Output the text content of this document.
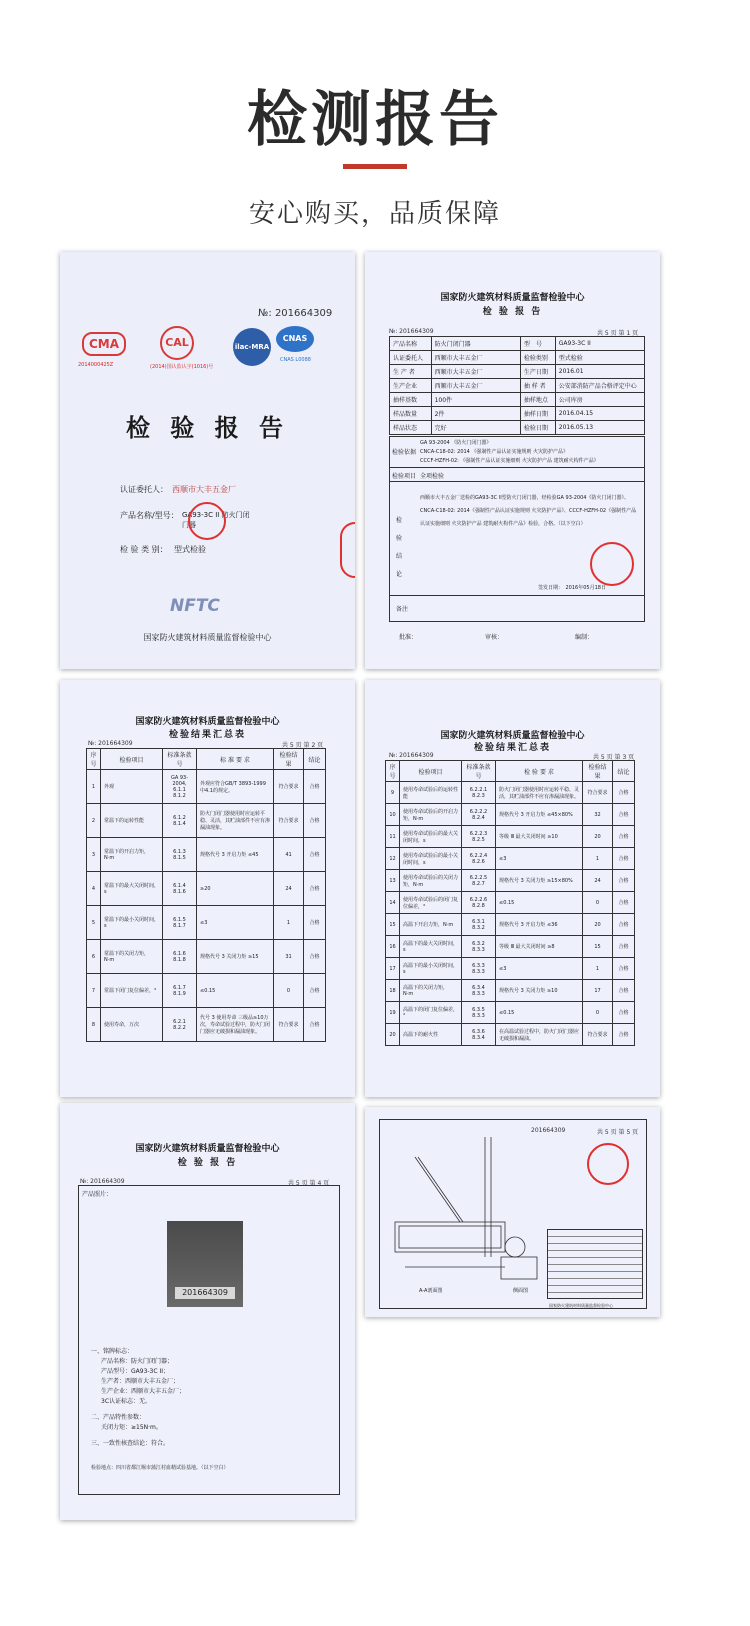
检测报告
安心购买，品质保障
№: 201664309
CMA
2014000425Z
CAL
(2014)国认监认字(1016)号
ilac-MRA
CNAS
CNAS L0088
检 验 报 告
认证委托人： 西顺市大丰五金厂
产品名称/型号： GA93-3C II 防火门闭门器
检 验 类 别： 型式检验
NFTC
国家防火建筑材料质量监督检验中心
国家防火建筑材料质量监督检验中心
检 验 报 告
№: 201664309	共 5 页 第 1 页
产品名称	防火门闭门器	型　号	GA93-3C II
认证委托人	西顺市大丰五金厂	检验类别	型式检验
生 产 者	西顺市大丰五金厂	生产日期	2016.01
生产企业	西顺市大丰五金厂	抽 样 者	公安部消防产品合格评定中心
抽样基数	100件	抽样地点	公司库房
样品数量	2件	抽样日期	2016.04.15
样品状态	完好	检验日期	2016.05.13
检验依据
GA 93-2004 《防火门闭门器》
CNCA-C18-02: 2014 《强制性产品认证实施规则 火灾防护产品》
CCCF-HZFH-02: 《强制性产品认证实施细则 火灾防护产品 建筑耐火构件产品》
检验项目 全项检验
检验结论
西顺市大丰五金厂送检的GA93-3C II型防火门闭门器，经检验GA 93-2004《防火门闭门器》、CNCA-C18-02: 2014《强制性产品认证实施规则 火灾防护产品》、CCCF-HZFH-02《强制性产品认证实施细则 火灾防护产品 建筑耐火构件产品》检验，合格。（以下空白）
签发日期：　2016年05月18日
备注
批准：	审核：	编制：
国家防火建筑材料质量监督检验中心
检验结果汇总表
№: 201664309	共 5 页 第 2 页
序号	检验项目	标准条款号	标 准 要 求	检验结果	结论
1	外观	GA 93-2004, 6.1.1 8.1.2	外观应符合GB/T 3893-1999中4.1的规定。	符合要求	合格
2	常温下的运转性能	6.1.2 8.1.4	防火门闭门器使用时应运转平稳、灵活，其贮油部件不应有渗漏油现象。	符合要求	合格
3	常温下的开启力矩，N·m	6.1.3 8.1.5	规格代号 3 开启力矩 ≤45	41	合格
4	常温下的最大关闭时间，s	6.1.4 8.1.6	≥20	24	合格
5	常温下的最小关闭时间，s	6.1.5 8.1.7	≤3	1	合格
6	常温下的关闭力矩，N·m	6.1.6 8.1.8	规格代号 3 关闭力矩 ≥15	31	合格
7	常温下闭门复位偏差，°	6.1.7 8.1.9	≤0.15	0	合格
8	使用寿命，万次	6.2.1 8.2.2	代号 3 使用寿命 三级品≥10万次，寿命试验过程中，防火门闭门器应无破损和漏油现象。	符合要求	合格
国家防火建筑材料质量监督检验中心
检验结果汇总表
№: 201664309	共 5 页 第 3 页
序号	检验项目	标准条款号	检 验 要 求	检验结果	结论
9	使用寿命试验后的运转性能	6.2.2.1 8.2.3	防火门闭门器使用时应运转平稳、灵活，其贮油部件不应有渗漏油现象。	符合要求	合格
10	使用寿命试验后的开启力矩，N·m	6.2.2.2 8.2.4	规格代号 3 开启力矩 ≤45×80%	32	合格
11	使用寿命试验后的最大关闭时间，s	6.2.2.3 8.2.5	等级 Ⅲ 最大关闭时间 ≥10	20	合格
12	使用寿命试验后的最小关闭时间，s	6.2.2.4 8.2.6	≤3	1	合格
13	使用寿命试验后的关闭力矩，N·m	6.2.2.5 8.2.7	规格代号 3 关闭力矩 ≥15×80%	24	合格
14	使用寿命试验后的闭门复位偏差，°	6.2.2.6 8.2.8	≤0.15	0	合格
15	高温下开启力矩，N·m	6.3.1 8.3.2	规格代号 3 开启力矩 ≤36	20	合格
16	高温下的最大关闭时间，s	6.3.2 8.3.3	等级 Ⅲ 最大关闭时间 ≥8	15	合格
17	高温下的最小关闭时间，s	6.3.3 8.3.3	≤3	1	合格
18	高温下的关闭力矩，N·m	6.3.4 8.3.3	规格代号 3 关闭力矩 ≥10	17	合格
19	高温下的闭门复位偏差，°	6.3.5 8.3.3	≤0.15	0	合格
20	高温下的耐火性	6.3.6 8.3.4	在高温试验过程中，防火门闭门器应无破损和漏油。	符合要求	合格
国家防火建筑材料质量监督检验中心
检 验 报 告
№: 201664309	共 5 页 第 4 页
产品照片：
201664309
一、铭牌标志：
产品名称：防火门闭门器；
产品型号：GA93-3C II；
生产者：西顺市大丰五金厂；
生产企业：西顺市大丰五金厂；
3C认证标志：无。
二、产品特性参数：
关闭力矩：≥15N·m。
三、一致性核查结论：符合。
检验地点：四川省都江堰市蒲江村血精试验基地。（以下空白）
201664309	共 5 页 第 5 页
A-A剖面图	侧面图
国家防火建筑材料质量监督检验中心
